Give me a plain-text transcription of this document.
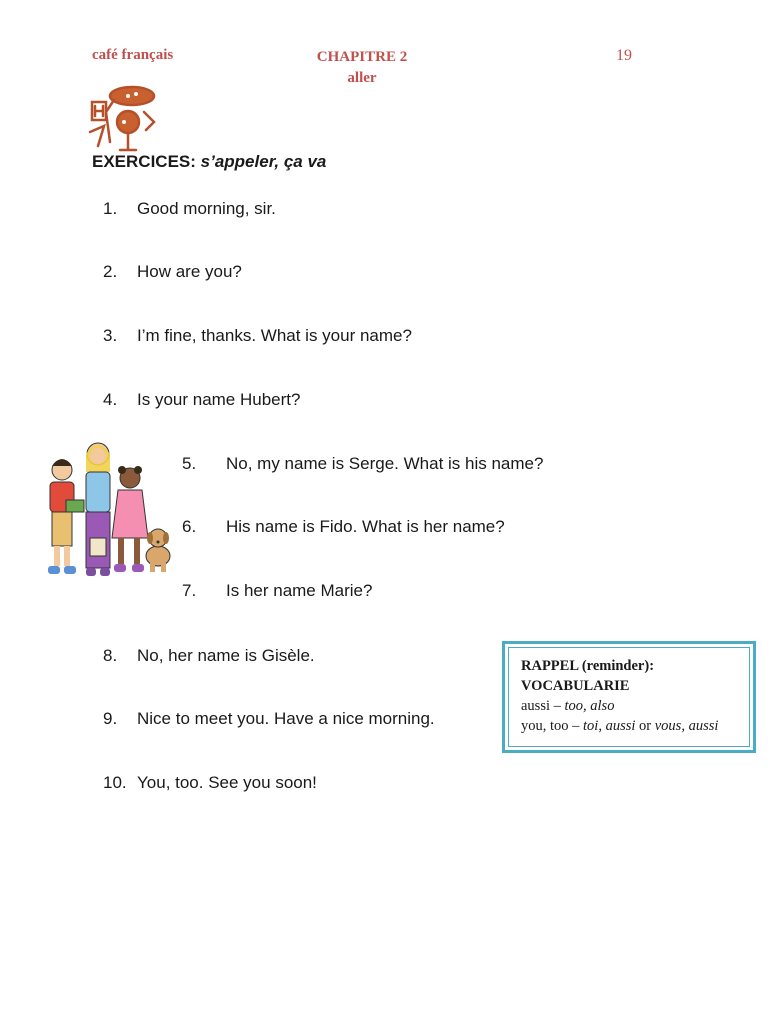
café français	CHAPITRE 2
aller
19
EXERCICES: s’appeler, ça va
1. Good morning, sir.
2. How are you?
3. I’m fine, thanks. What is your name?
4. Is your name Hubert?
5. No, my name is Serge. What is his name?
6. His name is Fido. What is her name?
7. Is her name Marie?
8. No, her name is Gisèle.
9. Nice to meet you. Have a nice morning.
10. You, too. See you soon!
RAPPEL (reminder):
VOCABULARIE
aussi – too, also
you, too – toi, aussi or vous, aussi
